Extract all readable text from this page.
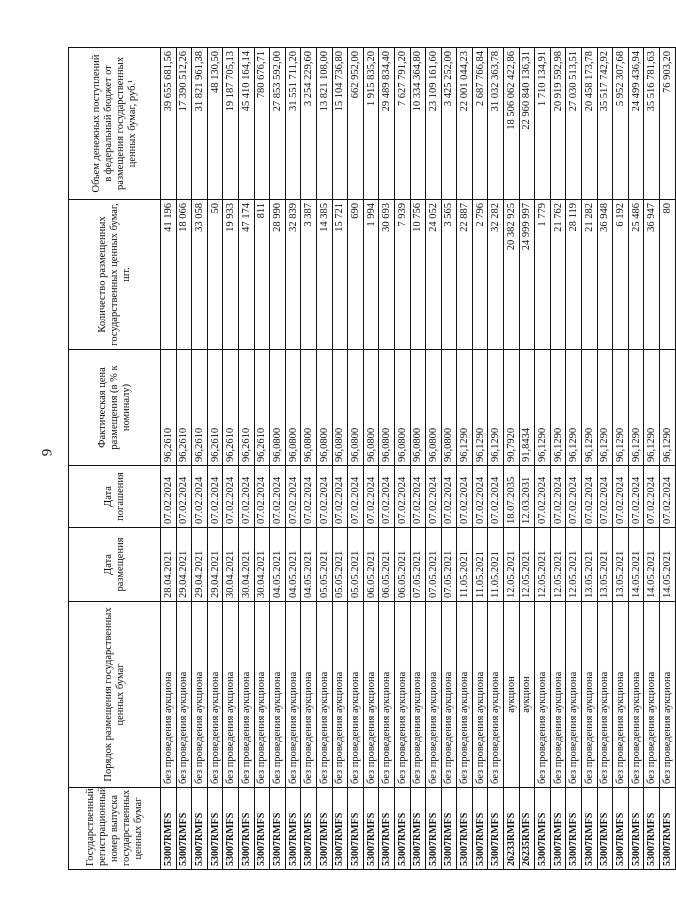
9
Государственный регистрационный номер выпуска государственных ценных бумаг	Порядок размещения государственных ценных бумаг	Дата размещения	Дата погашения	Фактическая цена размещения (в % к номиналу)	Количество размещенных государственных ценных бумаг, шт.	Объем денежных поступлений в федеральный бюджет от размещения государственных ценных бумаг, руб.¹
53007RMFS	без проведения аукциона	28.04.2021	07.02.2024	96,2610	41 196	39 655 681,56
53007RMFS	без проведения аукциона	29.04.2021	07.02.2024	96,2610	18 066	17 390 512,26
53007RMFS	без проведения аукциона	29.04.2021	07.02.2024	96,2610	33 058	31 821 961,38
53007RMFS	без проведения аукциона	29.04.2021	07.02.2024	96,2610	50	48 130,50
53007RMFS	без проведения аукциона	30.04.2021	07.02.2024	96,2610	19 933	19 187 705,13
53007RMFS	без проведения аукциона	30.04.2021	07.02.2024	96,2610	47 174	45 410 164,14
53007RMFS	без проведения аукциона	30.04.2021	07.02.2024	96,2610	811	780 676,71
53007RMFS	без проведения аукциона	04.05.2021	07.02.2024	96,0800	28 990	27 853 592,00
53007RMFS	без проведения аукциона	04.05.2021	07.02.2024	96,0800	32 839	31 551 711,20
53007RMFS	без проведения аукциона	04.05.2021	07.02.2024	96,0800	3 387	3 254 229,60
53007RMFS	без проведения аукциона	05.05.2021	07.02.2024	96,0800	14 385	13 821 108,00
53007RMFS	без проведения аукциона	05.05.2021	07.02.2024	96,0800	15 721	15 104 736,80
53007RMFS	без проведения аукциона	05.05.2021	07.02.2024	96,0800	690	662 952,00
53007RMFS	без проведения аукциона	06.05.2021	07.02.2024	96,0800	1 994	1 915 835,20
53007RMFS	без проведения аукциона	06.05.2021	07.02.2024	96,0800	30 693	29 489 834,40
53007RMFS	без проведения аукциона	06.05.2021	07.02.2024	96,0800	7 939	7 627 791,20
53007RMFS	без проведения аукциона	07.05.2021	07.02.2024	96,0800	10 756	10 334 364,80
53007RMFS	без проведения аукциона	07.05.2021	07.02.2024	96,0800	24 052	23 109 161,60
53007RMFS	без проведения аукциона	07.05.2021	07.02.2024	96,0800	3 565	3 425 252,00
53007RMFS	без проведения аукциона	11.05.2021	07.02.2024	96,1290	22 887	22 001 044,23
53007RMFS	без проведения аукциона	11.05.2021	07.02.2024	96,1290	2 796	2 687 766,84
53007RMFS	без проведения аукциона	11.05.2021	07.02.2024	96,1290	32 282	31 032 363,78
26233RMFS	аукцион	12.05.2021	18.07.2035	90,7920	20 382 925	18 506 062 422,86
26235RMFS	аукцион	12.05.2021	12.03.2031	91,8434	24 999 997	22 960 840 136,31
53007RMFS	без проведения аукциона	12.05.2021	07.02.2024	96,1290	1 779	1 710 134,91
53007RMFS	без проведения аукциона	12.05.2021	07.02.2024	96,1290	21 762	20 919 592,98
53007RMFS	без проведения аукциона	12.05.2021	07.02.2024	96,1290	28 119	27 030 513,51
53007RMFS	без проведения аукциона	13.05.2021	07.02.2024	96,1290	21 282	20 458 173,78
53007RMFS	без проведения аукциона	13.05.2021	07.02.2024	96,1290	36 948	35 517 742,92
53007RMFS	без проведения аукциона	13.05.2021	07.02.2024	96,1290	6 192	5 952 307,68
53007RMFS	без проведения аукциона	14.05.2021	07.02.2024	96,1290	25 486	24 499 436,94
53007RMFS	без проведения аукциона	14.05.2021	07.02.2024	96,1290	36 947	35 516 781,63
53007RMFS	без проведения аукциона	14.05.2021	07.02.2024	96,1290	80	76 903,20
